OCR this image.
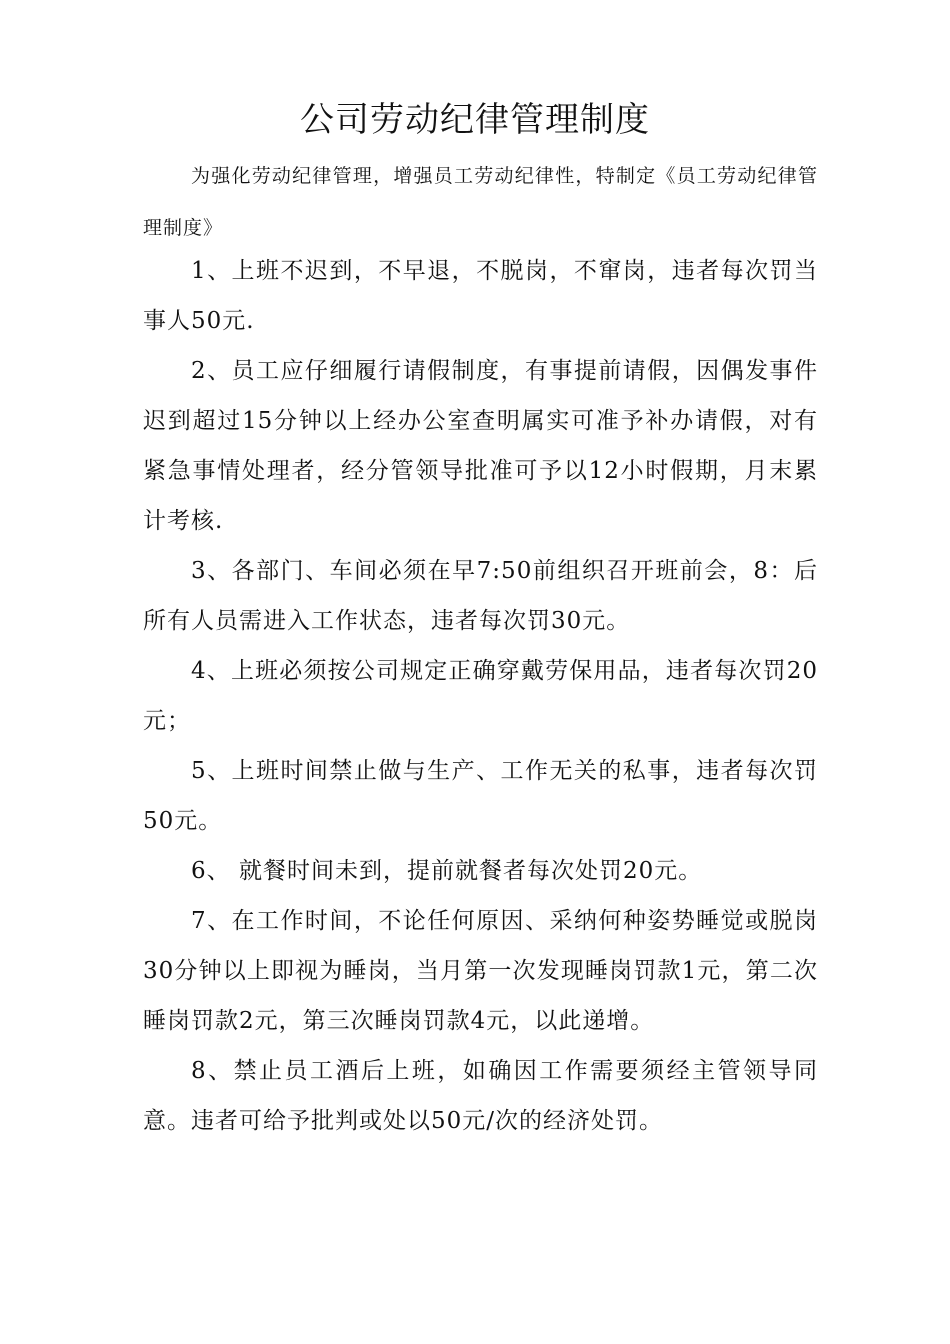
公司劳动纪律管理制度

为强化劳动纪律管理，增强员工劳动纪律性，特制定《员工劳动纪律管理制度》

1、上班不迟到，不早退，不脱岗，不窜岗，违者每次罚当事人50元.

2、员工应仔细履行请假制度，有事提前请假，因偶发事件迟到超过15分钟以上经办公室查明属实可准予补办请假，对有紧急事情处理者，经分管领导批准可予以12小时假期，月末累计考核.

3、各部门、车间必须在早7:50前组织召开班前会，8：后所有人员需进入工作状态，违者每次罚30元。

4、上班必须按公司规定正确穿戴劳保用品，违者每次罚20元；

5、上班时间禁止做与生产、工作无关的私事，违者每次罚50元。

6、 就餐时间未到，提前就餐者每次处罚20元。

7、在工作时间，不论任何原因、采纳何种姿势睡觉或脱岗30分钟以上即视为睡岗，当月第一次发现睡岗罚款1元，第二次睡岗罚款2元，第三次睡岗罚款4元，以此递增。

8、禁止员工酒后上班，如确因工作需要须经主管领导同意。违者可给予批判或处以50元/次的经济处罚。
